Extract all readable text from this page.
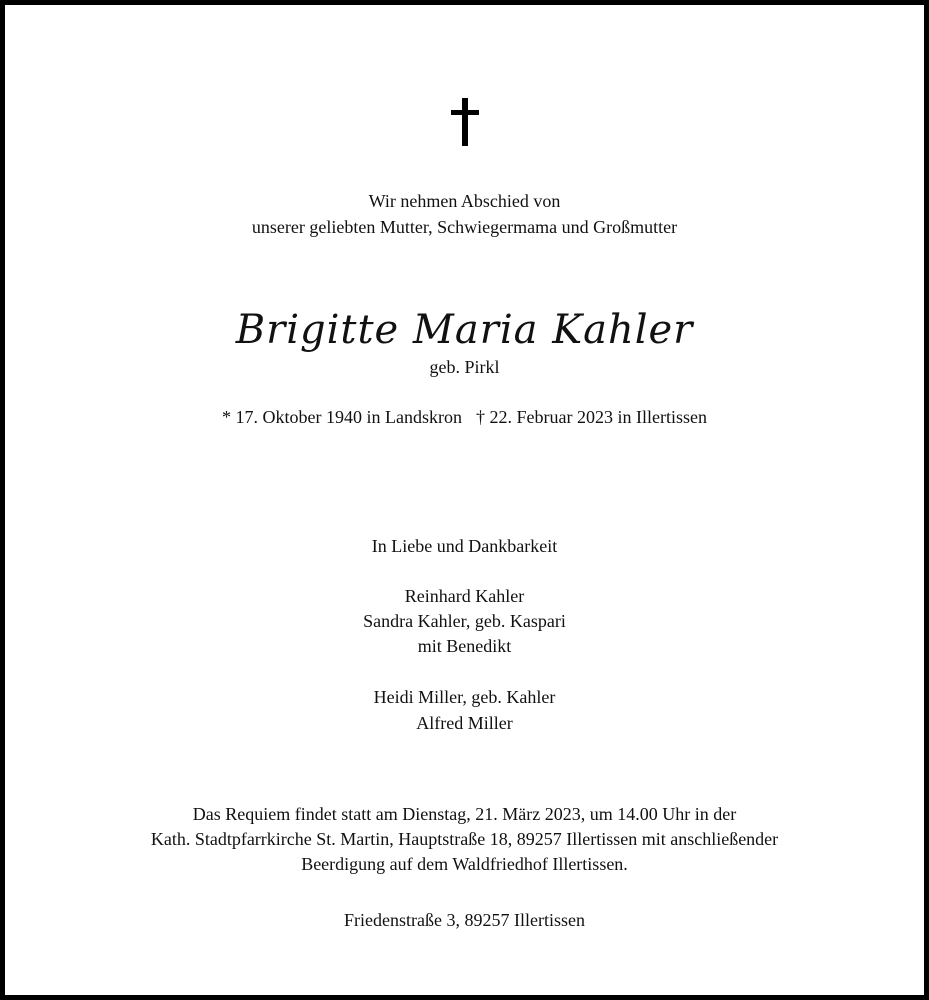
Wir nehmen Abschied von
unserer geliebten Mutter, Schwiegermama und Großmutter
Brigitte Maria Kahler
geb. Pirkl
* 17. Oktober 1940 in Landskron † 22. Februar 2023 in Illertissen
In Liebe und Dankbarkeit
Reinhard Kahler
Sandra Kahler, geb. Kaspari
mit Benedikt
Heidi Miller, geb. Kahler
Alfred Miller
Das Requiem findet statt am Dienstag, 21. März 2023, um 14.00 Uhr in der
Kath. Stadtpfarrkirche St. Martin, Hauptstraße 18, 89257 Illertissen mit anschließender
Beerdigung auf dem Waldfriedhof Illertissen.
Friedenstraße 3, 89257 Illertissen
